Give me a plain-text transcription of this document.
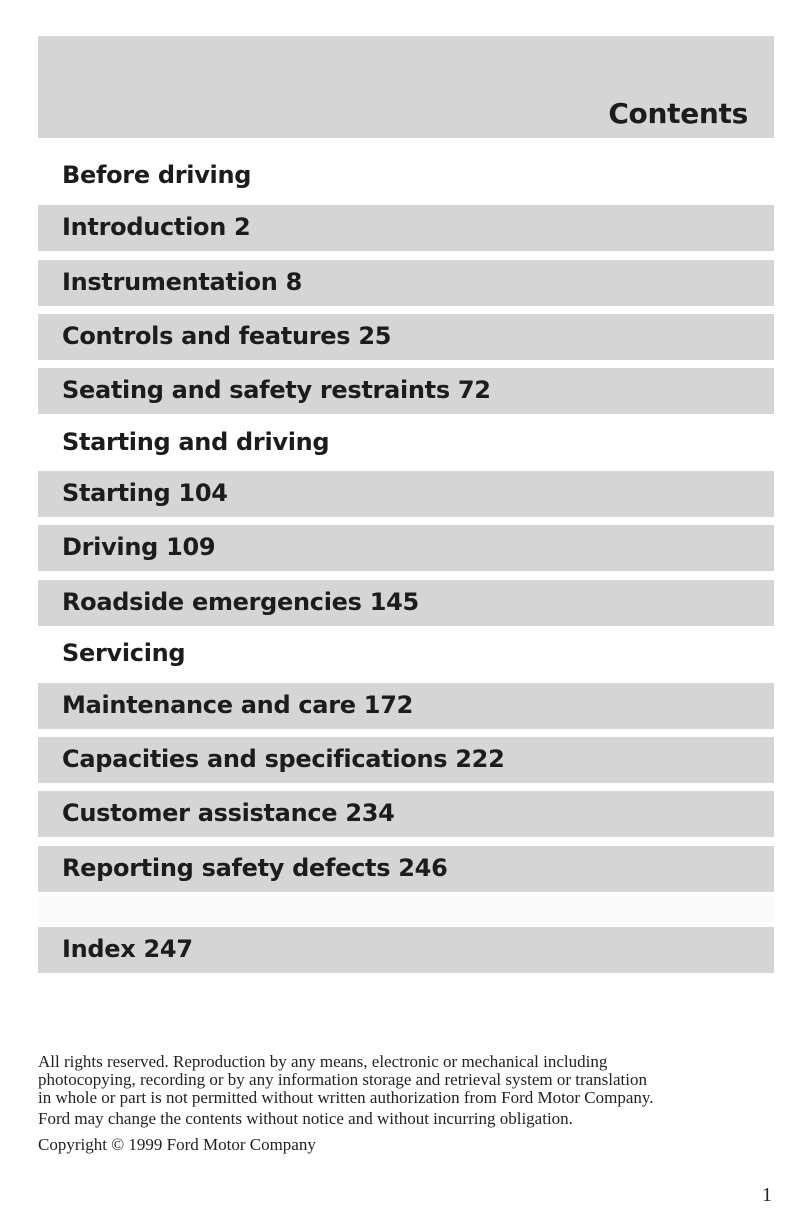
Contents
Before driving
Introduction 2
Instrumentation 8
Controls and features 25
Seating and safety restraints 72
Starting and driving
Starting 104
Driving 109
Roadside emergencies 145
Servicing
Maintenance and care 172
Capacities and specifications 222
Customer assistance 234
Reporting safety defects 246
Index 247

All rights reserved. Reproduction by any means, electronic or mechanical including

photocopying, recording or by any information storage and retrieval system or translation

in whole or part is not permitted without written authorization from Ford Motor Company.

Ford may change the contents without notice and without incurring obligation.

Copyright © 1999 Ford Motor Company

1
